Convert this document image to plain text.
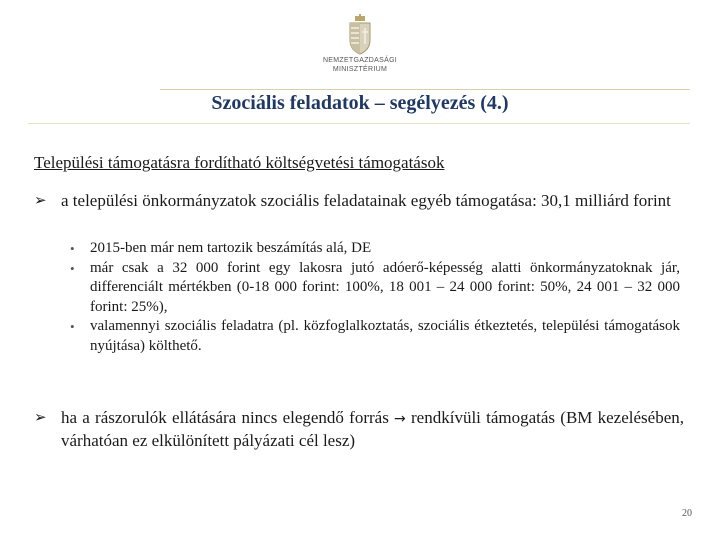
NEMZETGAZDASÁGI
MINISZTÉRIUM
Szociális feladatok – segélyezés (4.)
Települési támogatásra fordítható költségvetési támogatások
➢ a települési önkormányzatok szociális feladatainak egyéb támogatása: 30,1 milliárd forint
• 2015-ben már nem tartozik beszámítás alá, DE
• már csak a 32 000 forint egy lakosra jutó adóerő-képesség alatti önkormányzatoknak jár, differenciált mértékben (0-18 000 forint: 100%, 18 001 – 24 000 forint: 50%, 24 001 – 32 000 forint: 25%),
• valamennyi szociális feladatra (pl. közfoglalkoztatás, szociális étkeztetés, települési támogatások nyújtása) költhető.
➢ ha a rászorulók ellátására nincs elegendő forrás → rendkívüli támogatás (BM kezelésében, várhatóan ez elkülönített pályázati cél lesz)
20
